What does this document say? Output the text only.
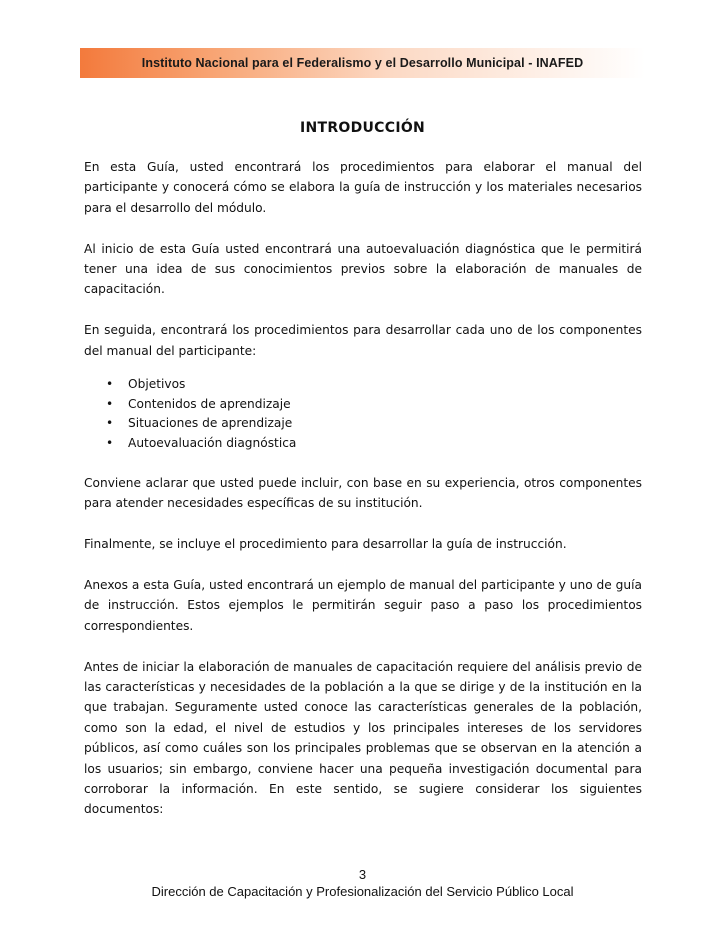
Instituto Nacional para el Federalismo y el Desarrollo Municipal - INAFED
INTRODUCCIÓN

En esta Guía, usted encontrará los procedimientos para elaborar el manual del participante y conocerá cómo se elabora la guía de instrucción y los materiales necesarios para el desarrollo del módulo.

Al inicio de esta Guía usted encontrará una autoevaluación diagnóstica que le permitirá tener una idea de sus conocimientos previos sobre la elaboración de manuales de capacitación.

En seguida, encontrará los procedimientos para desarrollar cada uno de los componentes del manual del participante:

• Objetivos
• Contenidos de aprendizaje
• Situaciones de aprendizaje
• Autoevaluación diagnóstica

Conviene aclarar que usted puede incluir, con base en su experiencia, otros componentes para atender necesidades específicas de su institución.

Finalmente, se incluye el procedimiento para desarrollar la guía de instrucción.

Anexos a esta Guía, usted encontrará un ejemplo de manual del participante y uno de guía de instrucción. Estos ejemplos le permitirán seguir paso a paso los procedimientos correspondientes.

Antes de iniciar la elaboración de manuales de capacitación requiere del análisis previo de las características y necesidades de la población a la que se dirige y de la institución en la que trabajan. Seguramente usted conoce las características generales de la población, como son la edad, el nivel de estudios y los principales intereses de los servidores públicos, así como cuáles son los principales problemas que se observan en la atención a los usuarios; sin embargo, conviene hacer una pequeña investigación documental para corroborar la información. En este sentido, se sugiere considerar los siguientes documentos:

3
Dirección de Capacitación y Profesionalización del Servicio Público Local
